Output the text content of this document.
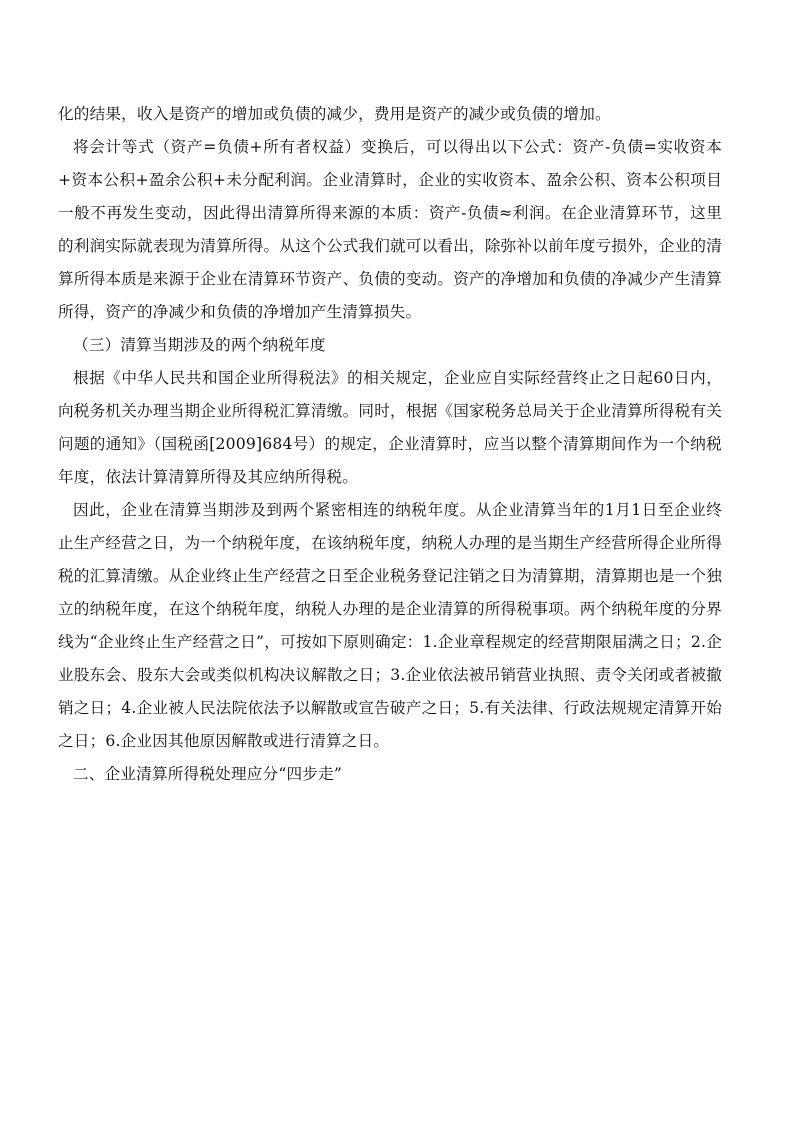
化的结果，收入是资产的增加或负债的减少，费用是资产的减少或负债的增加。

将会计等式（资产=负债+所有者权益）变换后，可以得出以下公式：资产-负债=实收资本+资本公积+盈余公积+未分配利润。企业清算时，企业的实收资本、盈余公积、资本公积项目一般不再发生变动，因此得出清算所得来源的本质：资产-负债≈利润。在企业清算环节，这里的利润实际就表现为清算所得。从这个公式我们就可以看出，除弥补以前年度亏损外，企业的清算所得本质是来源于企业在清算环节资产、负债的变动。资产的净增加和负债的净减少产生清算所得，资产的净减少和负债的净增加产生清算损失。

（三）清算当期涉及的两个纳税年度

根据《中华人民共和国企业所得税法》的相关规定，企业应自实际经营终止之日起60日内，向税务机关办理当期企业所得税汇算清缴。同时，根据《国家税务总局关于企业清算所得税有关问题的通知》（国税函[2009]684号）的规定，企业清算时，应当以整个清算期间作为一个纳税年度，依法计算清算所得及其应纳所得税。

因此，企业在清算当期涉及到两个紧密相连的纳税年度。从企业清算当年的1月1日至企业终止生产经营之日，为一个纳税年度，在该纳税年度，纳税人办理的是当期生产经营所得企业所得税的汇算清缴。从企业终止生产经营之日至企业税务登记注销之日为清算期，清算期也是一个独立的纳税年度，在这个纳税年度，纳税人办理的是企业清算的所得税事项。两个纳税年度的分界线为“企业终止生产经营之日”，可按如下原则确定：1.企业章程规定的经营期限届满之日；2.企业股东会、股东大会或类似机构决议解散之日；3.企业依法被吊销营业执照、责令关闭或者被撤销之日；4.企业被人民法院依法予以解散或宣告破产之日；5.有关法律、行政法规规定清算开始之日；6.企业因其他原因解散或进行清算之日。

二、企业清算所得税处理应分“四步走”
